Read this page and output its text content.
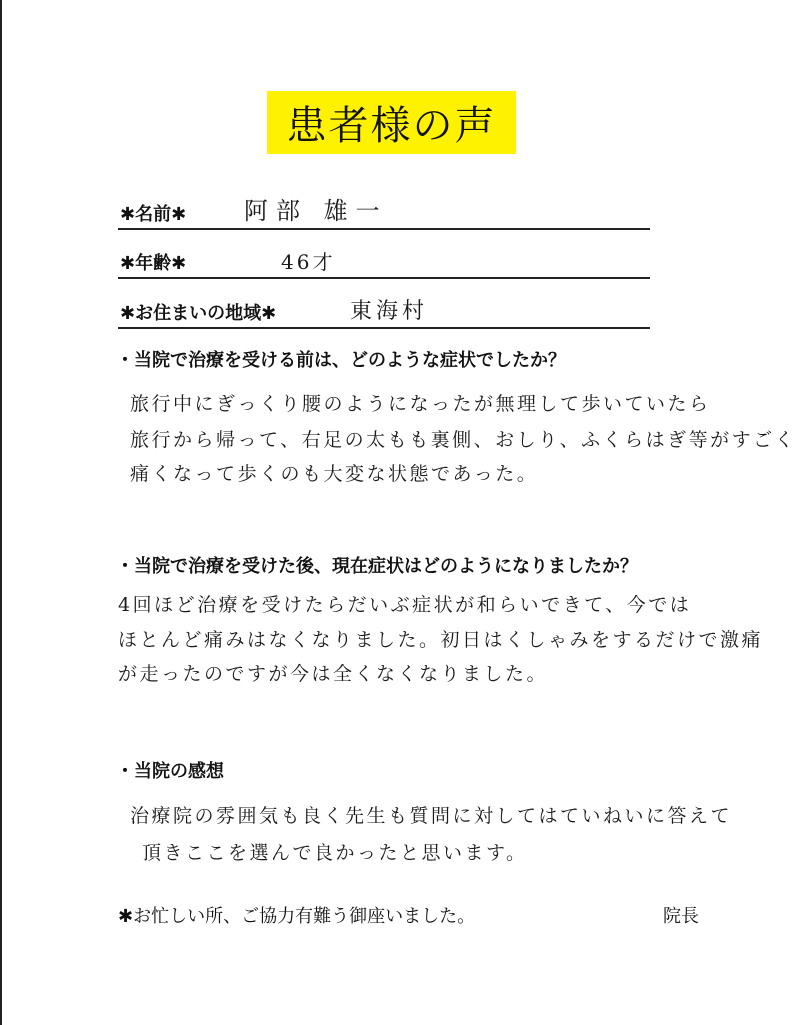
患者様の声
✱名前✱ 阿部 雄一
✱年齢✱	46才
✱お住まいの地域✱	東海村
・当院で治療を受ける前は、どのような症状でしたか？
旅行中にぎっくり腰のようになったが無理して歩いていたら
旅行から帰って、右足の太もも裏側、おしり、ふくらはぎ等がすごく
痛くなって歩くのも大変な状態であった。
・当院で治療を受けた後、現在症状はどのようになりましたか？
4回ほど治療を受けたらだいぶ症状が和らいできて、今では
ほとんど痛みはなくなりました。初日はくしゃみをするだけで激痛
が走ったのですが今は全くなくなりました。
・当院の感想
治療院の雰囲気も良く先生も質問に対してはていねいに答えて
頂きここを選んで良かったと思います。
✱お忙しい所、ご協力有難う御座いました。	院長
